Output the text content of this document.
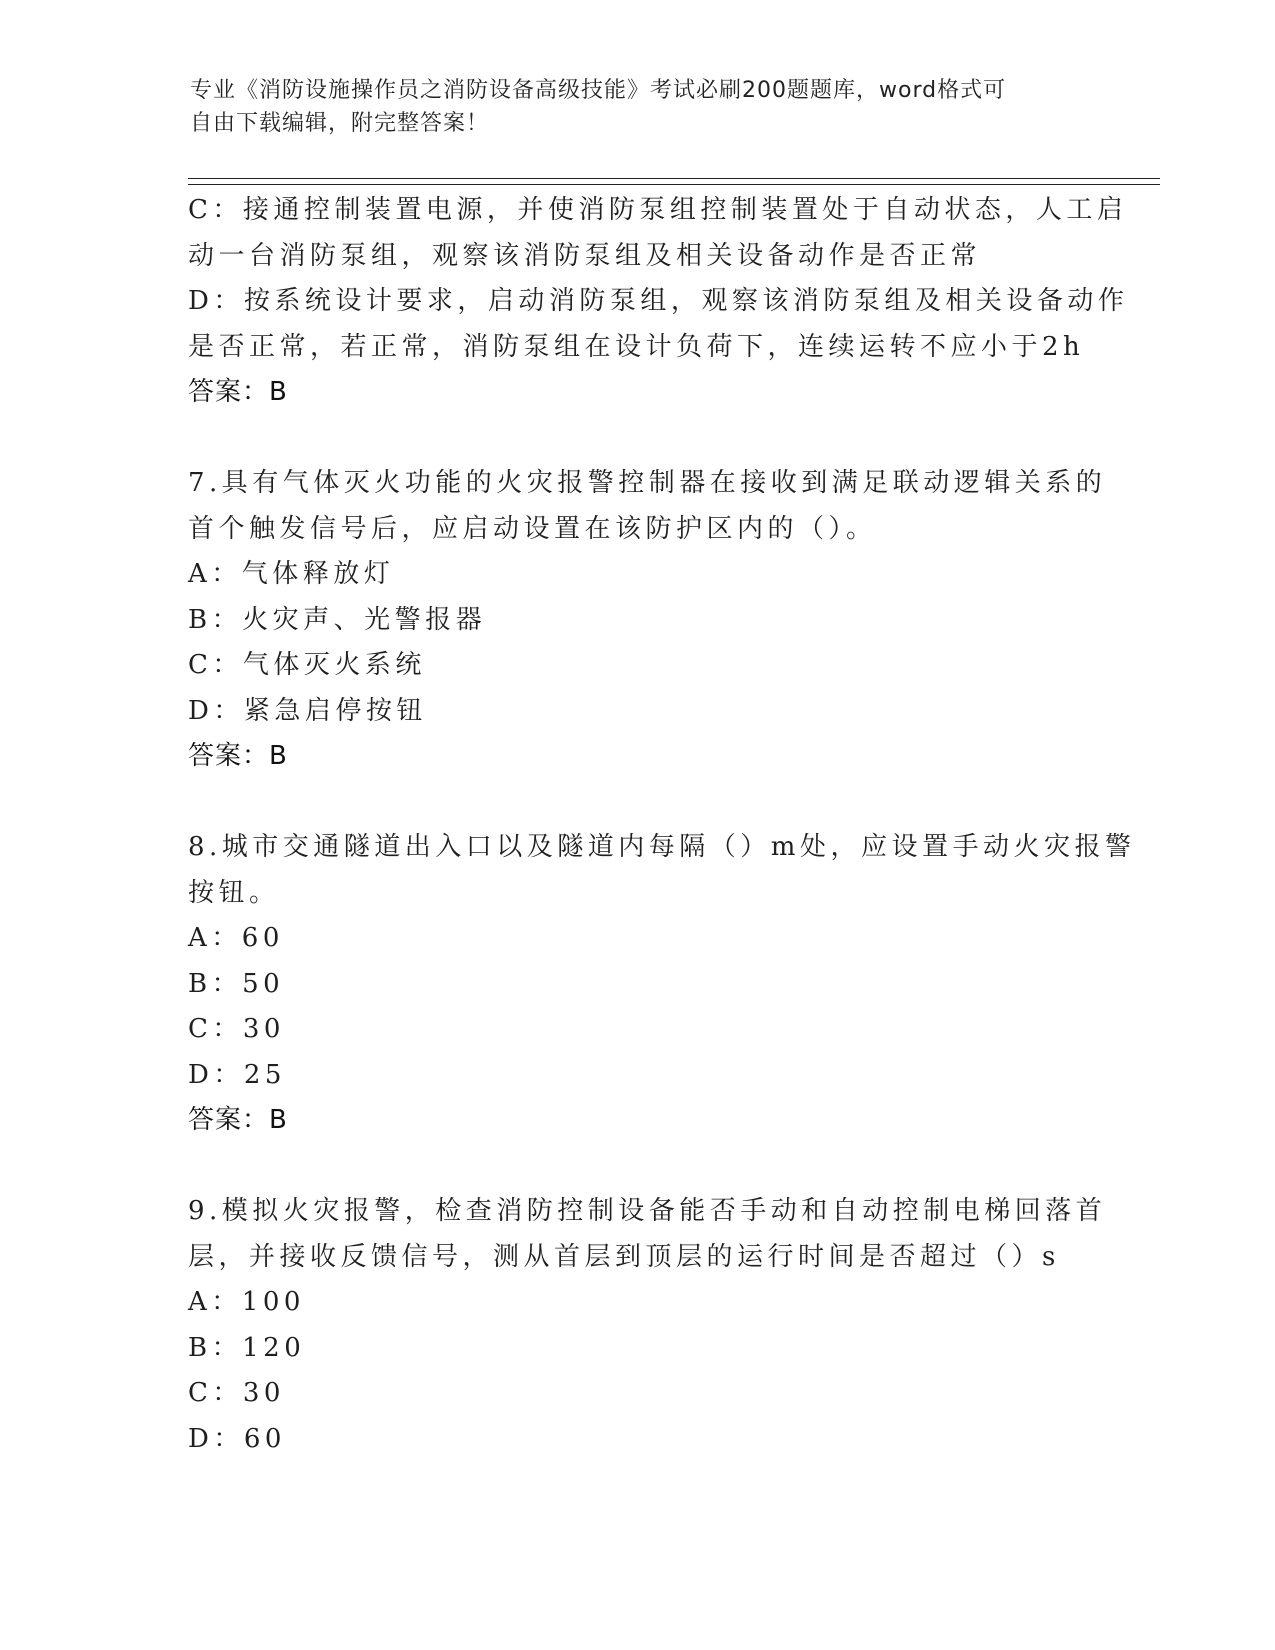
专业《消防设施操作员之消防设备高级技能》考试必刷200题题库，word格式可
自由下载编辑，附完整答案！
C：接通控制装置电源，并使消防泵组控制装置处于自动状态，人工启
动一台消防泵组，观察该消防泵组及相关设备动作是否正常
D：按系统设计要求，启动消防泵组，观察该消防泵组及相关设备动作
是否正常，若正常，消防泵组在设计负荷下，连续运转不应小于2h
答案：B
7.具有气体灭火功能的火灾报警控制器在接收到满足联动逻辑关系的
首个触发信号后，应启动设置在该防护区内的（）。
A：气体释放灯
B：火灾声、光警报器
C：气体灭火系统
D：紧急启停按钮
答案：B
8.城市交通隧道出入口以及隧道内每隔（）m处，应设置手动火灾报警
按钮。
A：60
B：50
C：30
D：25
答案：B
9.模拟火灾报警，检查消防控制设备能否手动和自动控制电梯回落首
层，并接收反馈信号，测从首层到顶层的运行时间是否超过（）s
A：100
B：120
C：30
D：60
